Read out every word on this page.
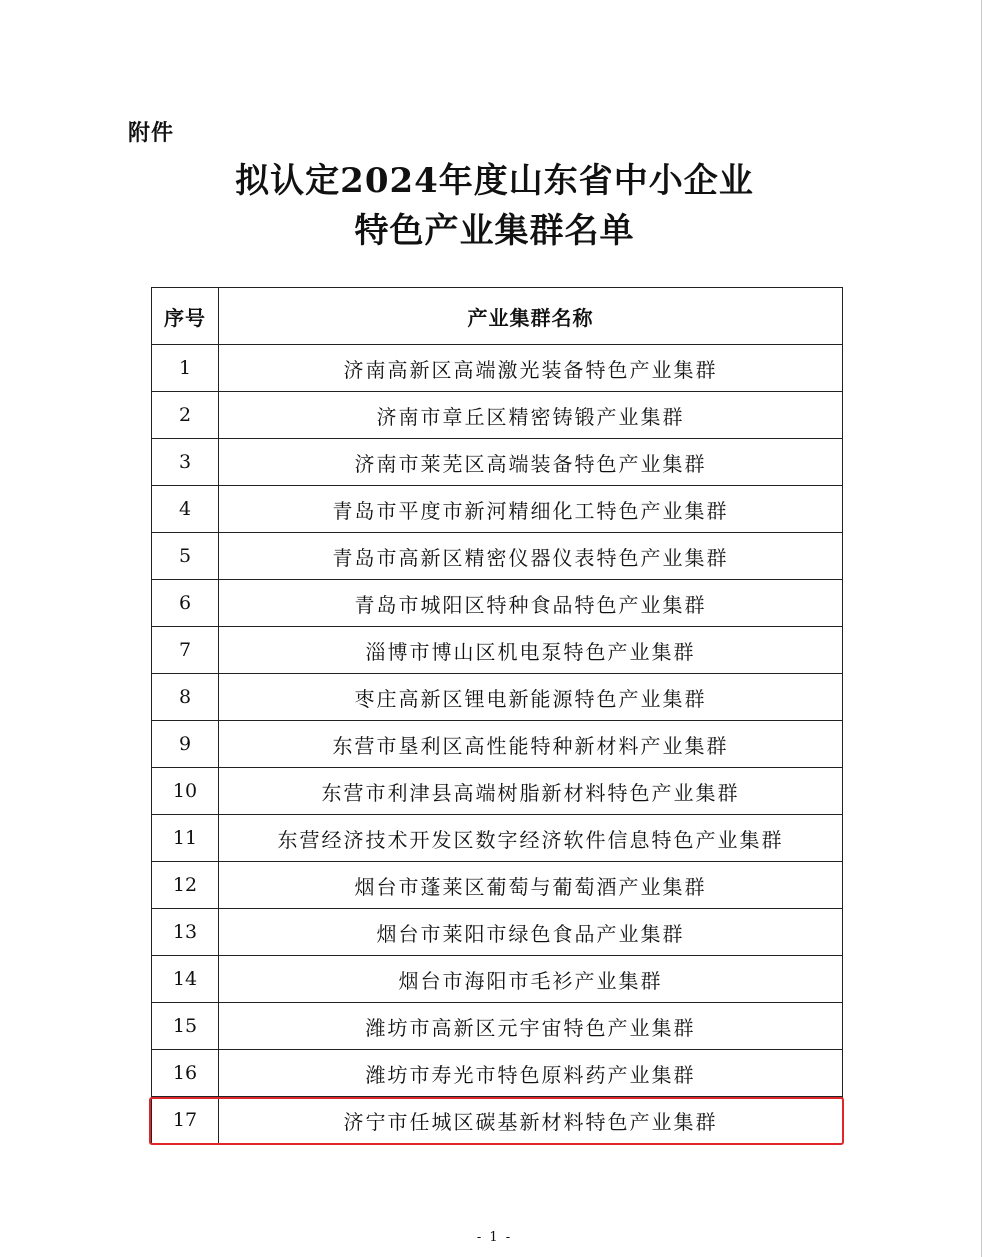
附件
拟认定2024年度山东省中小企业
特色产业集群名单
序号	产业集群名称
1	济南高新区高端激光装备特色产业集群
2	济南市章丘区精密铸锻产业集群
3	济南市莱芜区高端装备特色产业集群
4	青岛市平度市新河精细化工特色产业集群
5	青岛市高新区精密仪器仪表特色产业集群
6	青岛市城阳区特种食品特色产业集群
7	淄博市博山区机电泵特色产业集群
8	枣庄高新区锂电新能源特色产业集群
9	东营市垦利区高性能特种新材料产业集群
10	东营市利津县高端树脂新材料特色产业集群
11	东营经济技术开发区数字经济软件信息特色产业集群
12	烟台市蓬莱区葡萄与葡萄酒产业集群
13	烟台市莱阳市绿色食品产业集群
14	烟台市海阳市毛衫产业集群
15	潍坊市高新区元宇宙特色产业集群
16	潍坊市寿光市特色原料药产业集群
17	济宁市任城区碳基新材料特色产业集群
- 1 -
